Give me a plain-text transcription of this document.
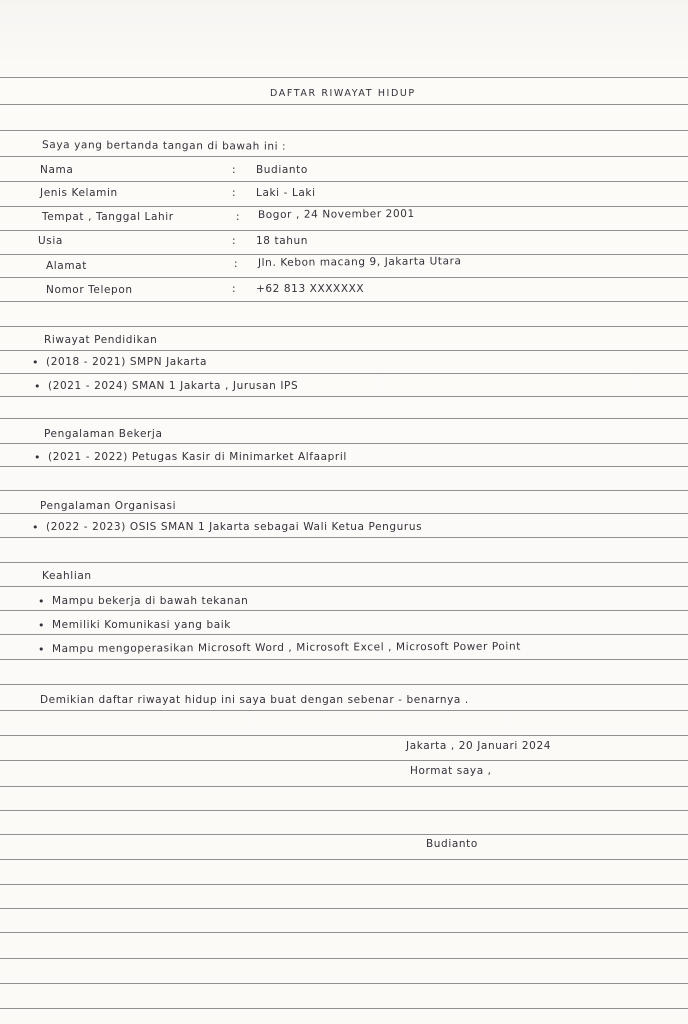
DAFTAR RIWAYAT HIDUP
Saya yang bertanda tangan di bawah ini :
Nama	: Budianto
Jenis Kelamin	: Laki - Laki
Tempat , Tanggal Lahir	: Bogor , 24 November 2001
Usia	: 18 tahun
Alamat	: Jln. Kebon macang 9, Jakarta Utara
Nomor Telepon	: +62 813 XXXXXXX
Riwayat Pendidikan
• (2018 - 2021) SMPN Jakarta
• (2021 - 2024) SMAN 1 Jakarta , Jurusan IPS
Pengalaman Bekerja
• (2021 - 2022) Petugas Kasir di Minimarket Alfaapril
Pengalaman Organisasi
• (2022 - 2023) OSIS SMAN 1 Jakarta sebagai Wali Ketua Pengurus
Keahlian
• Mampu bekerja di bawah tekanan
• Memiliki Komunikasi yang baik
• Mampu mengoperasikan Microsoft Word , Microsoft Excel , Microsoft Power Point
Demikian daftar riwayat hidup ini saya buat dengan sebenar - benarnya .
Jakarta , 20 Januari 2024
Hormat saya ,
Budianto
